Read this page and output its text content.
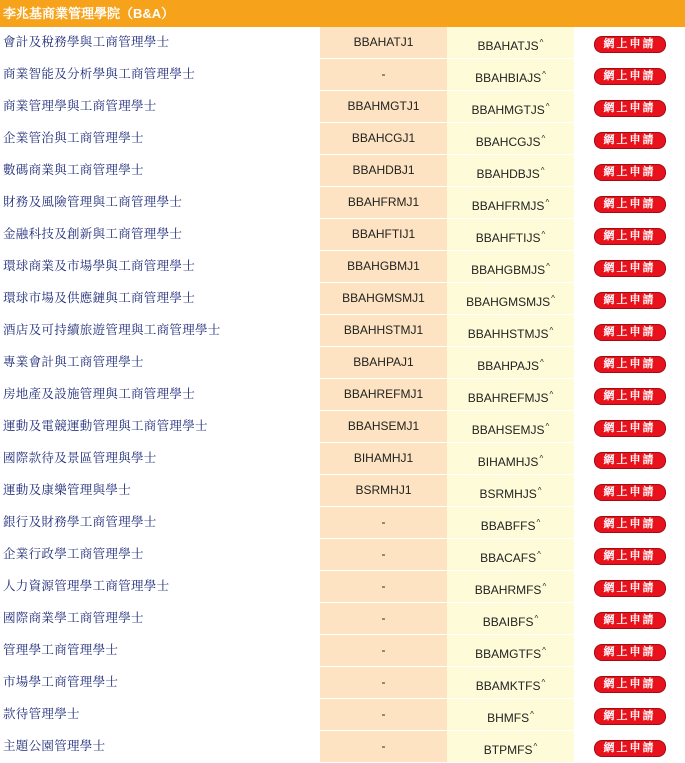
李兆基商業管理學院（B&A）
會計及稅務學與工商管理學士	BBAHATJ1	BBAHATJS^	網上申請
商業智能及分析學與工商管理學士	-	BBAHBIAJS^	網上申請
商業管理學與工商管理學士	BBAHMGTJ1	BBAHMGTJS^	網上申請
企業管治與工商管理學士	BBAHCGJ1	BBAHCGJS^	網上申請
數碼商業與工商管理學士	BBAHDBJ1	BBAHDBJS^	網上申請
財務及風險管理與工商管理學士	BBAHFRMJ1	BBAHFRMJS^	網上申請
金融科技及創新與工商管理學士	BBAHFTIJ1	BBAHFTIJS^	網上申請
環球商業及市場學與工商管理學士	BBAHGBMJ1	BBAHGBMJS^	網上申請
環球市場及供應鏈與工商管理學士	BBAHGMSMJ1	BBAHGMSMJS^	網上申請
酒店及可持續旅遊管理與工商管理學士	BBAHHSTMJ1	BBAHHSTMJS^	網上申請
專業會計與工商管理學士	BBAHPAJ1	BBAHPAJS^	網上申請
房地產及設施管理與工商管理學士	BBAHREFMJ1	BBAHREFMJS^	網上申請
運動及電競運動管理與工商管理學士	BBAHSEMJ1	BBAHSEMJS^	網上申請
國際款待及景區管理與學士	BIHAMHJ1	BIHAMHJS^	網上申請
運動及康樂管理與學士	BSRMHJ1	BSRMHJS^	網上申請
銀行及財務學工商管理學士	-	BBABFFS^	網上申請
企業行政學工商管理學士	-	BBACAFS^	網上申請
人力資源管理學工商管理學士	-	BBAHRMFS^	網上申請
國際商業學工商管理學士	-	BBAIBFS^	網上申請
管理學工商管理學士	-	BBAMGTFS^	網上申請
市場學工商管理學士	-	BBAMKTFS^	網上申請
款待管理學士	-	BHMFS^	網上申請
主題公園管理學士	-	BTPMFS^	網上申請
